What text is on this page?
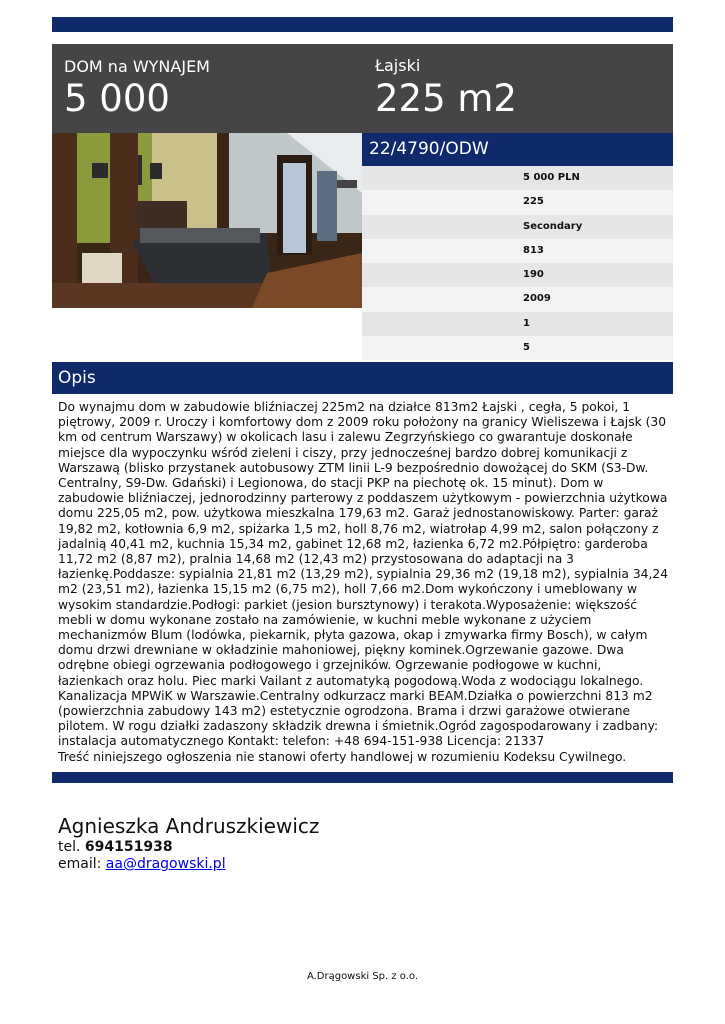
DOM na WYNAJEM
5 000
Łajski
225 m2
22/4790/ODW
5 000 PLN
225
Secondary
813
190
2009
1
5
Opis

Do wynajmu dom w zabudowie bliźniaczej 225m2 na działce 813m2 Łajski , cegła, 5 pokoi, 1 piętrowy, 2009 r. Uroczy i komfortowy dom z 2009 roku położony na granicy Wieliszewa i Łajsk (30 km od centrum Warszawy) w okolicach lasu i zalewu Zegrzyńskiego co gwarantuje doskonałe miejsce dla wypoczynku wśród zieleni i ciszy, przy jednocześnej bardzo dobrej komunikacji z Warszawą (blisko przystanek autobusowy ZTM linii L-9 bezpośrednio dowożącej do SKM (S3-Dw. Centralny, S9-Dw. Gdański) i Legionowa, do stacji PKP na piechotę ok. 15 minut). Dom w zabudowie bliźniaczej, jednorodzinny parterowy z poddaszem użytkowym - powierzchnia użytkowa domu 225,05 m2, pow. użytkowa mieszkalna 179,63 m2. Garaż jednostanowiskowy. Parter: garaż 19,82 m2, kotłownia 6,9 m2, spiżarka 1,5 m2, holl 8,76 m2, wiatrołap 4,99 m2, salon połączony z jadalnią 40,41 m2, kuchnia 15,34 m2, gabinet 12,68 m2, łazienka 6,72 m2.Półpiętro: garderoba 11,72 m2 (8,87 m2), pralnia 14,68 m2 (12,43 m2) przystosowana do adaptacji na 3 łazienkę.Poddasze: sypialnia 21,81 m2 (13,29 m2), sypialnia 29,36 m2 (19,18 m2), sypialnia 34,24 m2 (23,51 m2), łazienka 15,15 m2 (6,75 m2), holl 7,66 m2.Dom wykończony i umeblowany w wysokim standardzie.Podłogi: parkiet (jesion bursztynowy) i terakota.Wyposażenie: większość mebli w domu wykonane zostało na zamówienie, w kuchni meble wykonane z użyciem mechanizmów Blum (lodówka, piekarnik, płyta gazowa, okap i zmywarka firmy Bosch), w całym domu drzwi drewniane w okładzinie mahoniowej, piękny kominek.Ogrzewanie gazowe. Dwa odrębne obiegi ogrzewania podłogowego i grzejników. Ogrzewanie podłogowe w kuchni, łazienkach oraz holu. Piec marki Vailant z automatyką pogodową.Woda z wodociągu lokalnego. Kanalizacja MPWiK w Warszawie.Centralny odkurzacz marki BEAM.Działka o powierzchni 813 m2 (powierzchnia zabudowy 143 m2) estetycznie ogrodzona. Brama i drzwi garażowe otwierane pilotem. W rogu działki zadaszony składzik drewna i śmietnik.Ogród zagospodarowany i zadbany: instalacja automatycznego Kontakt: telefon: +48 694-151-938 Licencja: 21337

Treść niniejszego ogłoszenia nie stanowi oferty handlowej w rozumieniu Kodeksu Cywilnego.

Agnieszka Andruszkiewicz
tel. 694151938
email: aa@dragowski.pl
A.Drągowski Sp. z o.o.
